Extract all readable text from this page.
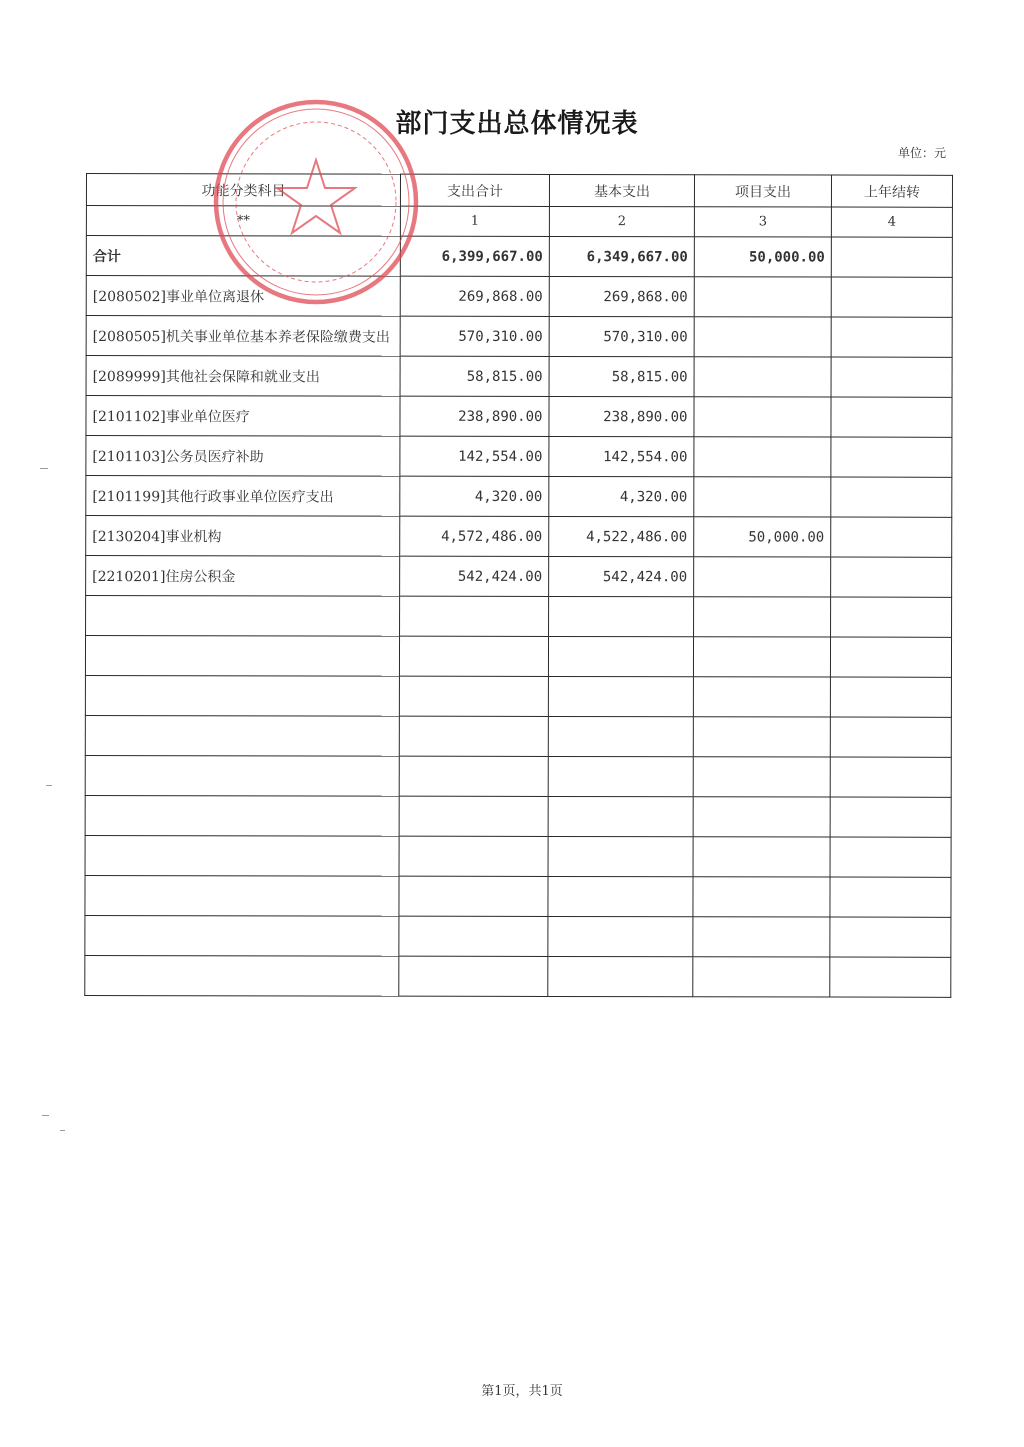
部门支出总体情况表
单位：元
功能分类科目	支出合计	基本支出	项目支出	上年结转
**	1	2	3	4
合计	6,399,667.00	6,349,667.00	50,000.00	
[2080502]事业单位离退休	269,868.00	269,868.00		
[2080505]机关事业单位基本养老保险缴费支出	570,310.00	570,310.00		
[2089999]其他社会保障和就业支出	58,815.00	58,815.00		
[2101102]事业单位医疗	238,890.00	238,890.00		
[2101103]公务员医疗补助	142,554.00	142,554.00		
[2101199]其他行政事业单位医疗支出	4,320.00	4,320.00		
[2130204]事业机构	4,572,486.00	4,522,486.00	50,000.00	
[2210201]住房公积金	542,424.00	542,424.00		

第1页，共1页
